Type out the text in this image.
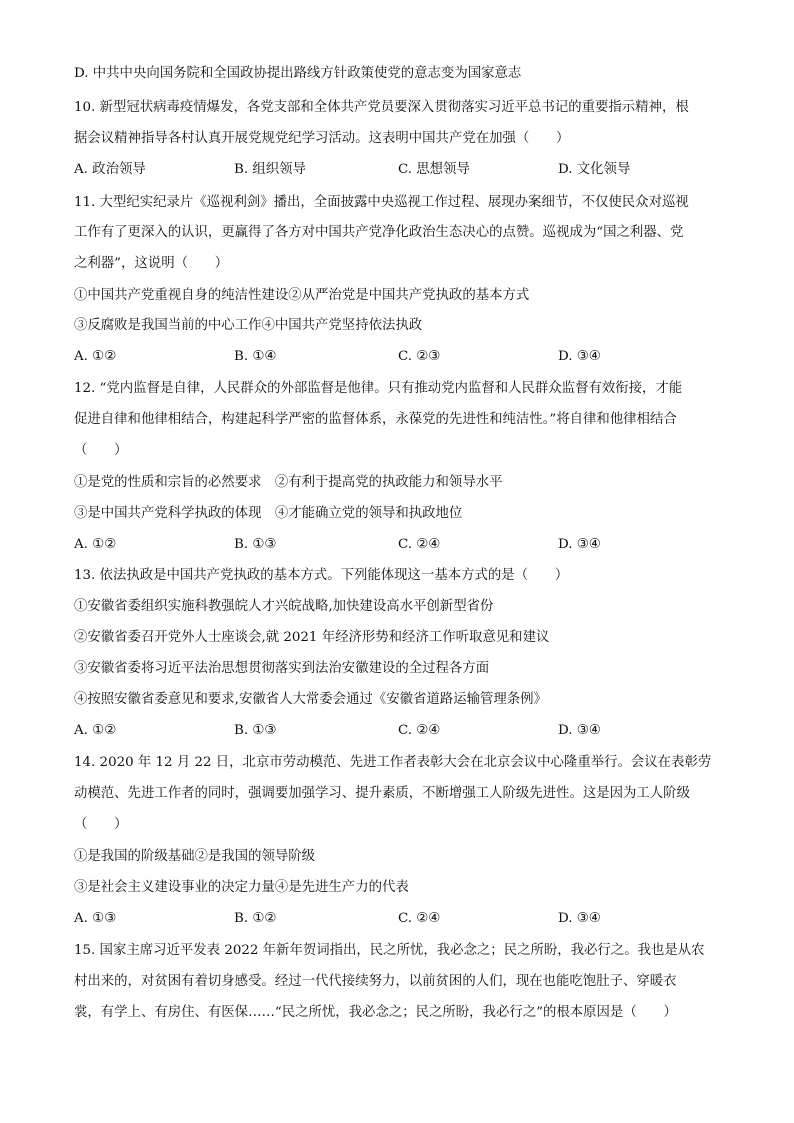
D. 中共中央向国务院和全国政协提出路线方针政策使党的意志变为国家意志
10. 新型冠状病毒疫情爆发，各党支部和全体共产党员要深入贯彻落实习近平总书记的重要指示精神，根
据会议精神指导各村认真开展党规党纪学习活动。这表明中国共产党在加强（　　）
A. 政治领导	B. 组织领导	C. 思想领导	D. 文化领导
11. 大型纪实纪录片《巡视利剑》播出，全面披露中央巡视工作过程、展现办案细节，不仅使民众对巡视
工作有了更深入的认识，更赢得了各方对中国共产党净化政治生态决心的点赞。巡视成为“国之利器、党
之利器”，这说明（　　）
①中国共产党重视自身的纯洁性建设②从严治党是中国共产党执政的基本方式
③反腐败是我国当前的中心工作④中国共产党坚持依法执政
A. ①②	B. ①④	C. ②③	D. ③④
12. “党内监督是自律，人民群众的外部监督是他律。只有推动党内监督和人民群众监督有效衔接，才能
促进自律和他律相结合，构建起科学严密的监督体系，永葆党的先进性和纯洁性。”将自律和他律相结合
（　　）
①是党的性质和宗旨的必然要求　②有利于提高党的执政能力和领导水平
③是中国共产党科学执政的体现　④才能确立党的领导和执政地位
A. ①②	B. ①③	C. ②④	D. ③④
13. 依法执政是中国共产党执政的基本方式。下列能体现这一基本方式的是（　　）
①安徽省委组织实施科教强皖人才兴皖战略,加快建设高水平创新型省份
②安徽省委召开党外人士座谈会,就 2021 年经济形势和经济工作听取意见和建议
③安徽省委将习近平法治思想贯彻落实到法治安徽建设的全过程各方面
④按照安徽省委意见和要求,安徽省人大常委会通过《安徽省道路运输管理条例》
A. ①②	B. ①③	C. ②④	D. ③④
14. 2020 年 12 月 22 日，北京市劳动模范、先进工作者表彰大会在北京会议中心隆重举行。会议在表彰劳
动模范、先进工作者的同时，强调要加强学习、提升素质，不断增强工人阶级先进性。这是因为工人阶级
（　　）
①是我国的阶级基础②是我国的领导阶级
③是社会主义建设事业的决定力量④是先进生产力的代表
A. ①③	B. ①②	C. ②④	D. ③④
15. 国家主席习近平发表 2022 年新年贺词指出，民之所忧，我必念之；民之所盼，我必行之。我也是从农
村出来的，对贫困有着切身感受。经过一代代接续努力，以前贫困的人们，现在也能吃饱肚子、穿暖衣
裳，有学上、有房住、有医保……“民之所忧，我必念之；民之所盼，我必行之”的根本原因是（　　）
